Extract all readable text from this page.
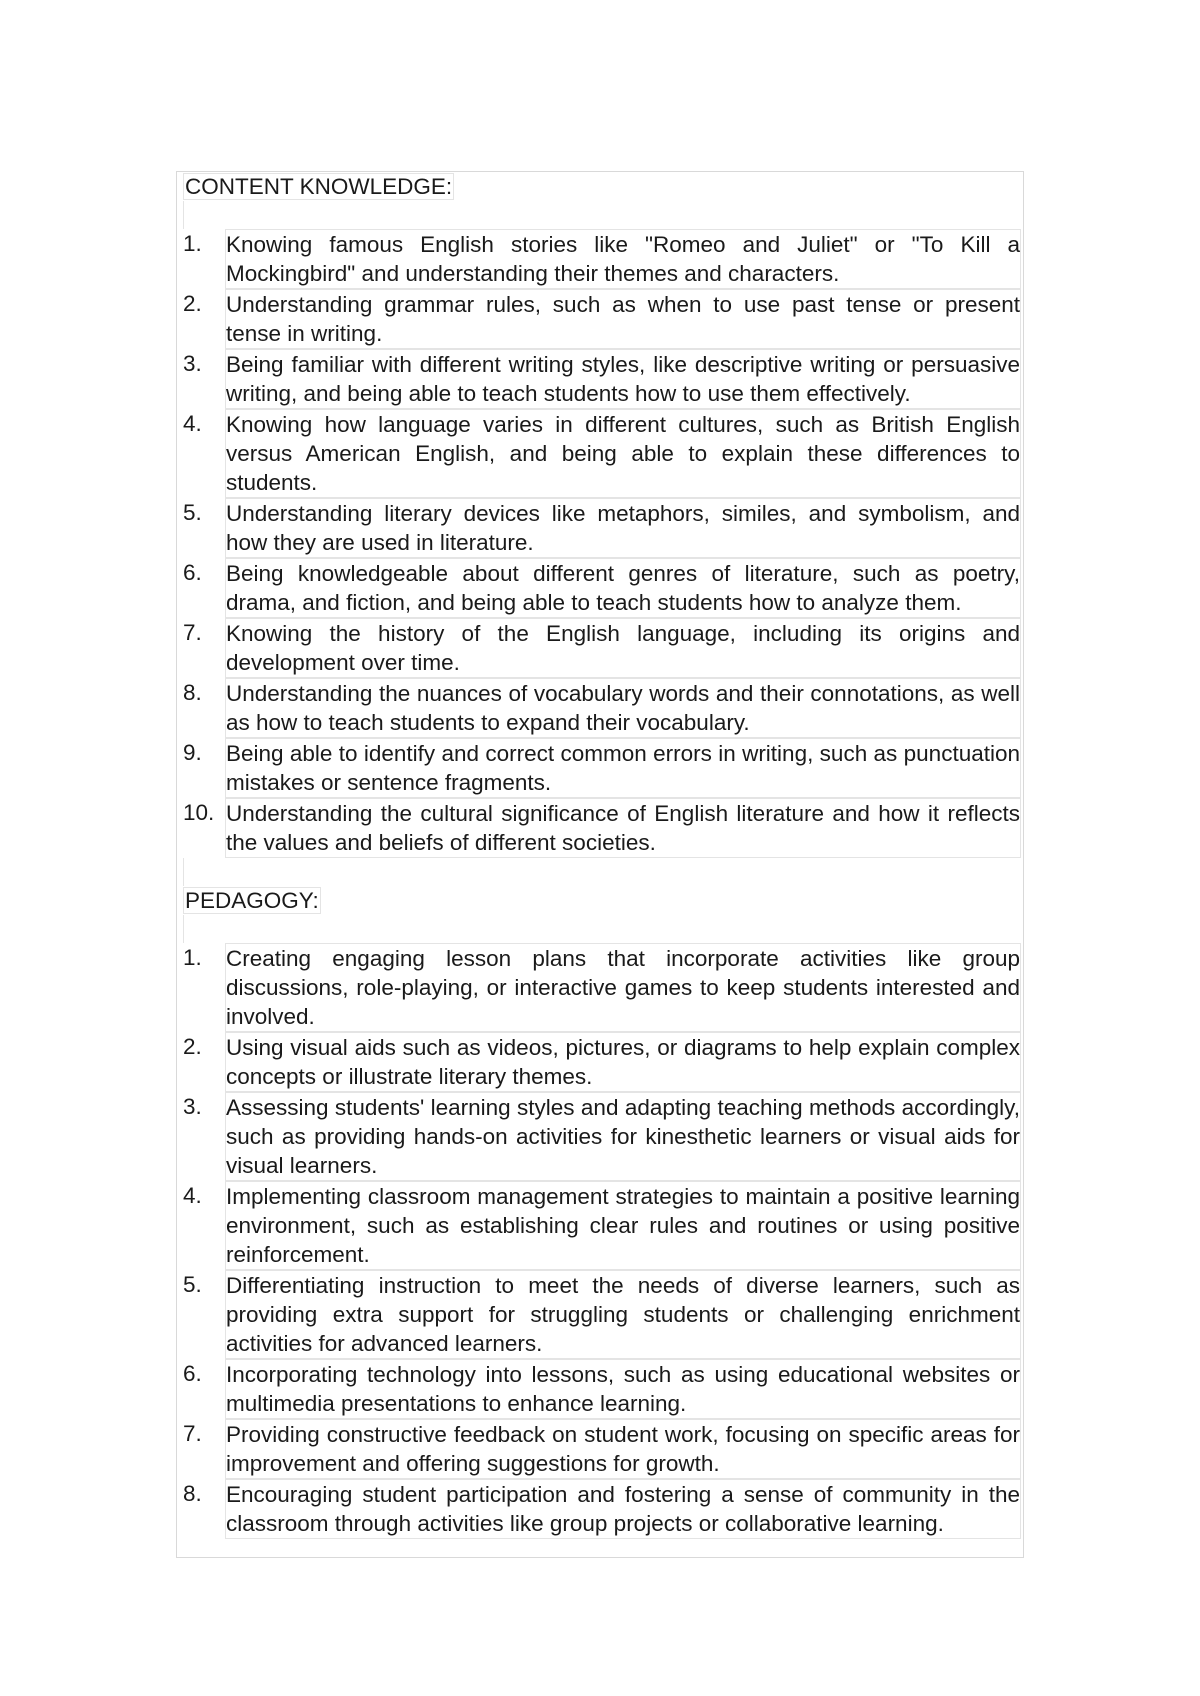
CONTENT KNOWLEDGE:
1.	Knowing famous English stories like "Romeo and Juliet" or "To Kill a Mockingbird" and understanding their themes and characters.
2.	Understanding grammar rules, such as when to use past tense or present tense in writing.
3.	Being familiar with different writing styles, like descriptive writing or persuasive writing, and being able to teach students how to use them effectively.
4.	Knowing how language varies in different cultures, such as British English versus American English, and being able to explain these differences to students.
5.	Understanding literary devices like metaphors, similes, and symbolism, and how they are used in literature.
6.	Being knowledgeable about different genres of literature, such as poetry, drama, and fiction, and being able to teach students how to analyze them.
7.	Knowing the history of the English language, including its origins and development over time.
8.	Understanding the nuances of vocabulary words and their connotations, as well as how to teach students to expand their vocabulary.
9.	Being able to identify and correct common errors in writing, such as punctuation mistakes or sentence fragments.
10. Understanding the cultural significance of English literature and how it reflects the values and beliefs of different societies.
PEDAGOGY:
1.	Creating engaging lesson plans that incorporate activities like group discussions, role-playing, or interactive games to keep students interested and involved.
2.	Using visual aids such as videos, pictures, or diagrams to help explain complex concepts or illustrate literary themes.
3.	Assessing students' learning styles and adapting teaching methods accordingly, such as providing hands-on activities for kinesthetic learners or visual aids for visual learners.
4.	Implementing classroom management strategies to maintain a positive learning environment, such as establishing clear rules and routines or using positive reinforcement.
5.	Differentiating instruction to meet the needs of diverse learners, such as providing extra support for struggling students or challenging enrichment activities for advanced learners.
6.	Incorporating technology into lessons, such as using educational websites or multimedia presentations to enhance learning.
7.	Providing constructive feedback on student work, focusing on specific areas for improvement and offering suggestions for growth.
8.	Encouraging student participation and fostering a sense of community in the classroom through activities like group projects or collaborative learning.
